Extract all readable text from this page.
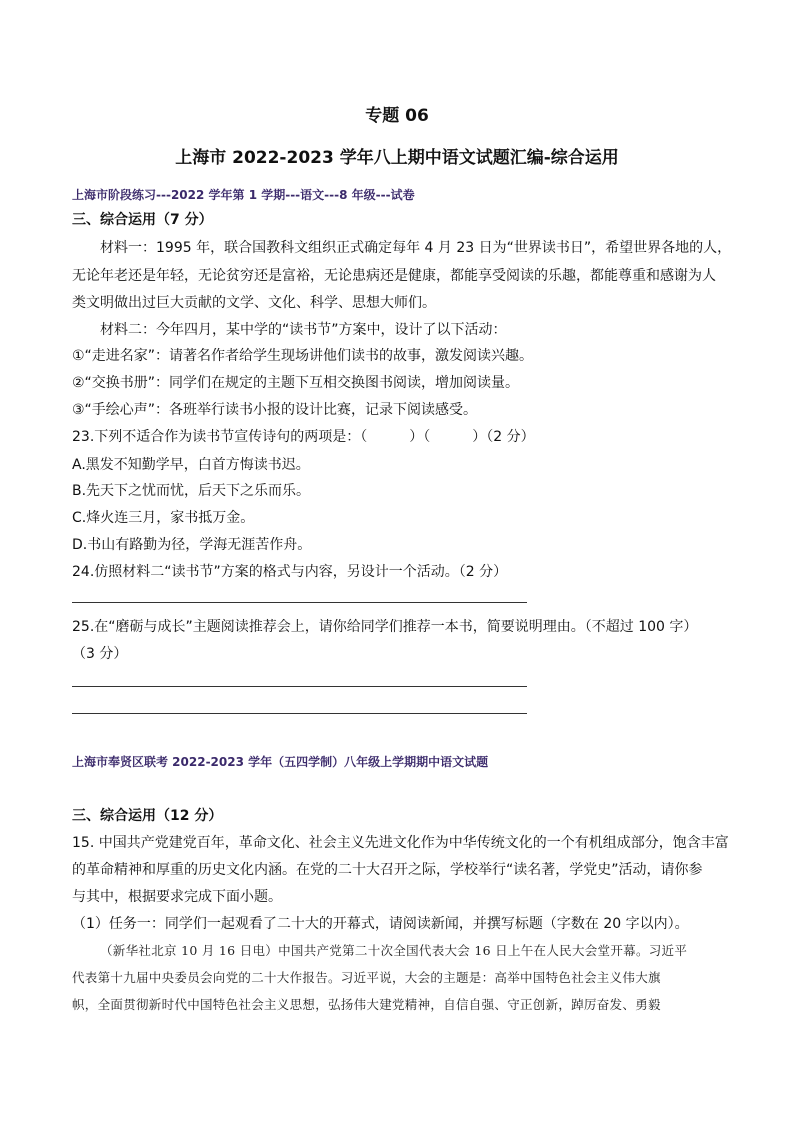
专题 06
上海市 2022-2023 学年八上期中语文试题汇编-综合运用
上海市阶段练习---2022 学年第 1 学期---语文---8 年级---试卷
三、综合运用（7 分）
材料一：1995 年，联合国教科文组织正式确定每年 4 月 23 日为“世界读书日”，希望世界各地的人，
无论年老还是年轻，无论贫穷还是富裕，无论患病还是健康，都能享受阅读的乐趣，都能尊重和感谢为人
类文明做出过巨大贡献的文学、文化、科学、思想大师们。
材料二：今年四月，某中学的“读书节”方案中，设计了以下活动：
①“走进名家”：请著名作者给学生现场讲他们读书的故事，激发阅读兴趣。
②“交换书册”：同学们在规定的主题下互相交换图书阅读，增加阅读量。
③“手绘心声”：各班举行读书小报的设计比赛，记录下阅读感受。
23.下列不适合作为读书节宣传诗句的两项是：（　　　）（　　　）（2 分）
A.黑发不知勤学早，白首方悔读书迟。
B.先天下之忧而忧，后天下之乐而乐。
C.烽火连三月，家书抵万金。
D.书山有路勤为径，学海无涯苦作舟。
24.仿照材料二“读书节”方案的格式与内容，另设计一个活动。（2 分）
25.在“磨砺与成长”主题阅读推荐会上，请你给同学们推荐一本书，简要说明理由。（不超过 100 字）
（3 分）
上海市奉贤区联考 2022-2023 学年（五四学制）八年级上学期期中语文试题
三、综合运用（12 分）
15. 中国共产党建党百年，革命文化、社会主义先进文化作为中华传统文化的一个有机组成部分，饱含丰富
的革命精神和厚重的历史文化内涵。在党的二十大召开之际，学校举行“读名著，学党史”活动，请你参
与其中，根据要求完成下面小题。
（1）任务一：同学们一起观看了二十大的开幕式，请阅读新闻，并撰写标题（字数在 20 字以内）。
（新华社北京 10 月 16 日电）中国共产党第二十次全国代表大会 16 日上午在人民大会堂开幕。习近平
代表第十九届中央委员会向党的二十大作报告。习近平说，大会的主题是：高举中国特色社会主义伟大旗
帜，全面贯彻新时代中国特色社会主义思想，弘扬伟大建党精神，自信自强、守正创新，踔厉奋发、勇毅
